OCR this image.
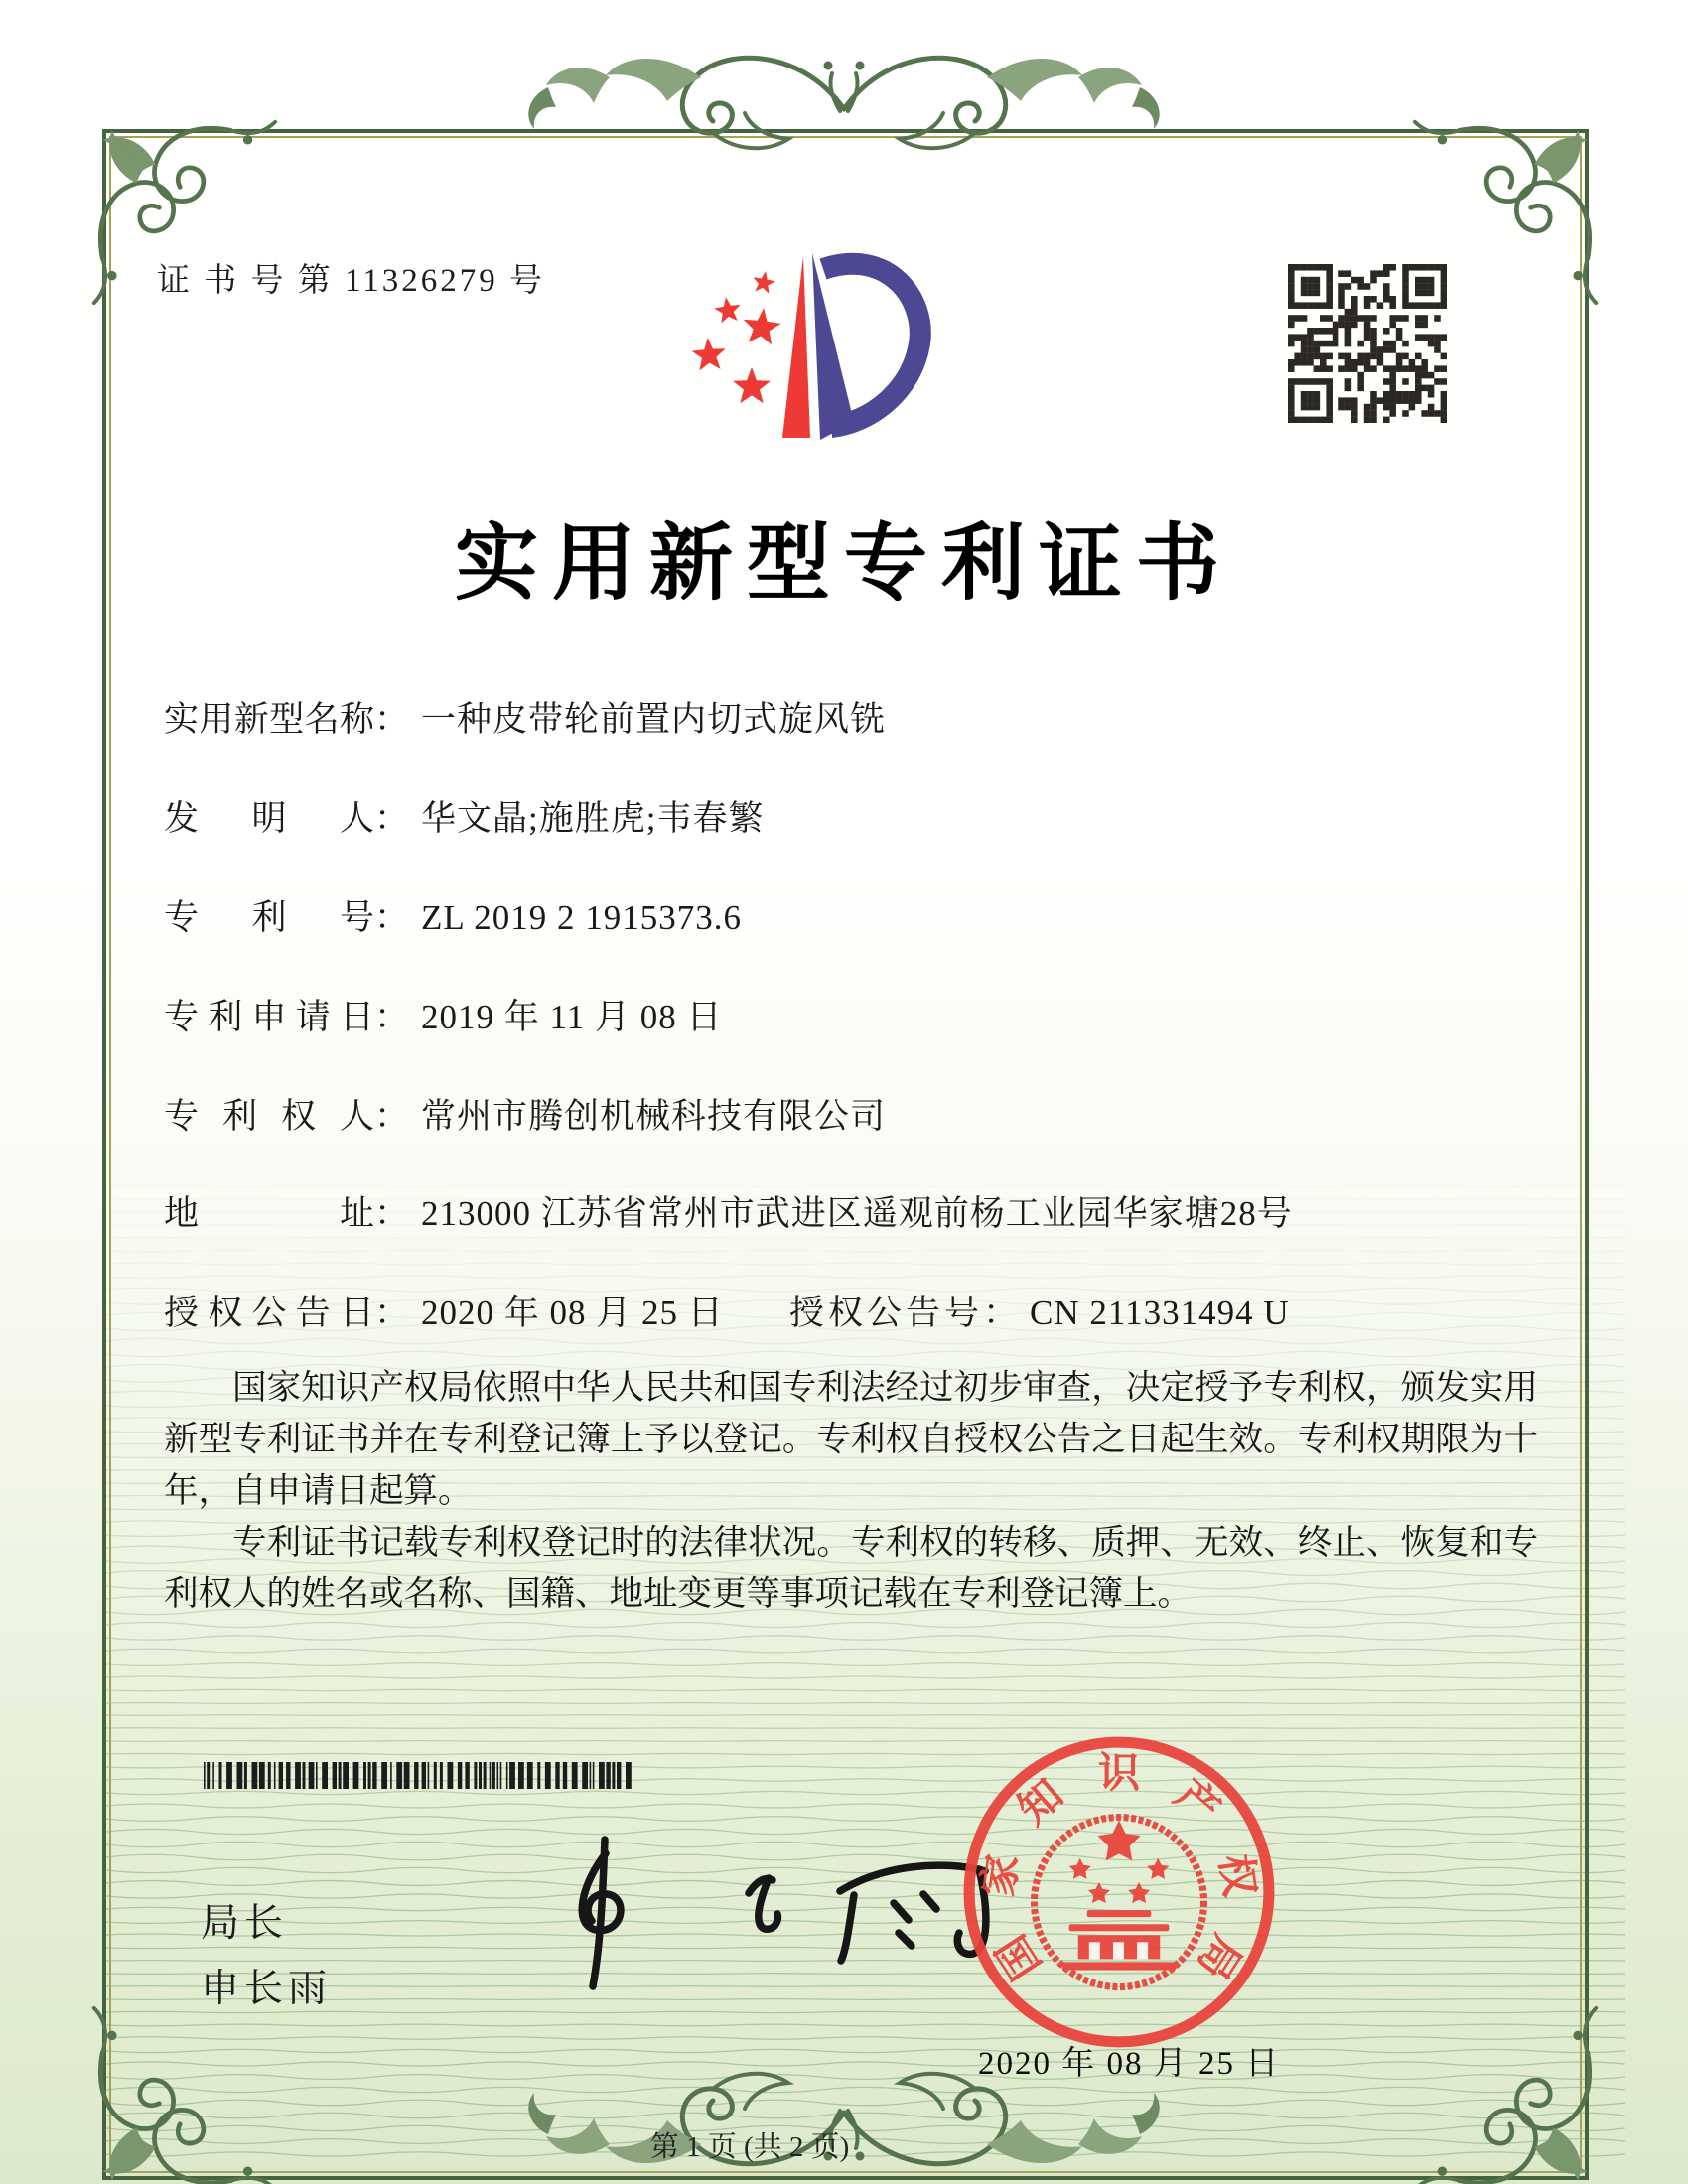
证 书 号 第 11326279 号
实用新型专利证书
实用新型名称 ： 一种皮带轮前置内切式旋风铣
发明人 ： 华文晶;施胜虎;韦春繁
专利号 ： ZL 2019 2 1915373.6
专利申请日 ： 2019 年 11 月 08 日
专利权人 ： 常州市腾创机械科技有限公司
地址 ： 213000 江苏省常州市武进区遥观前杨工业园华家塘28号
授权公告日 ： 2020 年 08 月 25 日 授权公告号 ： CN 211331494 U

国家知识产权局依照中华人民共和国专利法经过初步审查，决定授予专利权，颁发实用新型专利证书并在专利登记簿上予以登记。专利权自授权公告之日起生效。专利权期限为十年，自申请日起算。

专利证书记载专利权登记时的法律状况。专利权的转移、质押、无效、终止、恢复和专利权人的姓名或名称、国籍、地址变更等事项记载在专利登记簿上。

局长
申长雨
国
家
知 识 产
权
局
2020 年 08 月 25 日
第 1 页 (共 2 页)
